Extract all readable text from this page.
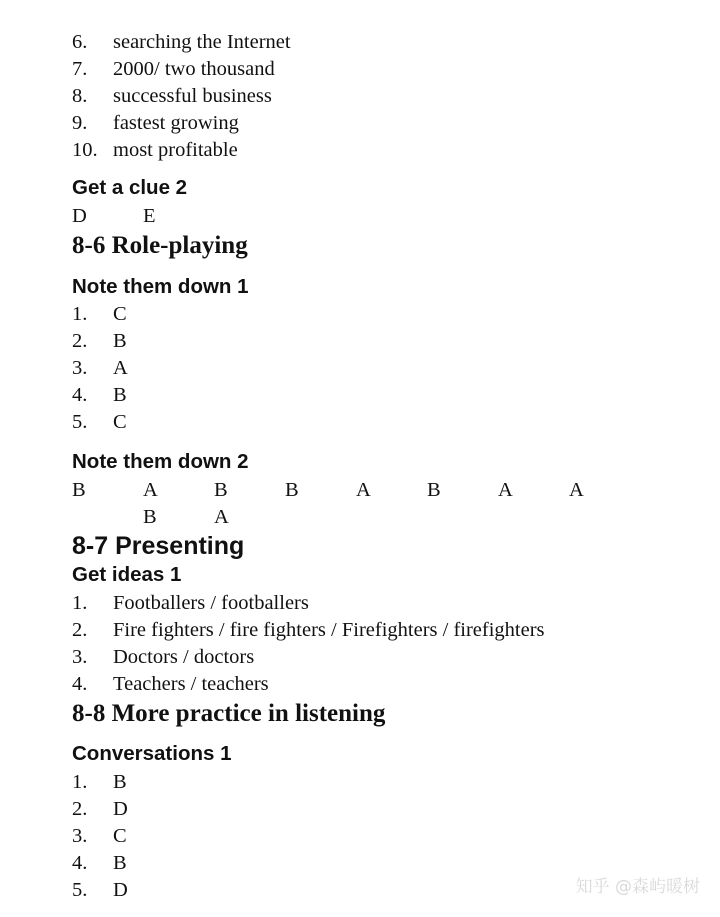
6. searching the Internet
7. 2000/ two thousand
8. successful business
9. fastest growing
10. most profitable
Get a clue 2
D	E
8-6 Role-playing
Note them down 1
1. C
2. B
3. A
4. B
5. C
Note them down 2
B	A	B	B	A	B	A	A
B	A
8-7 Presenting
Get ideas 1
1. Footballers / footballers
2. Fire fighters / fire fighters / Firefighters / firefighters
3. Doctors / doctors
4. Teachers / teachers
8-8 More practice in listening
Conversations 1
1. B
2. D
3. C
4. B
5. D	知乎 @森屿暖树
